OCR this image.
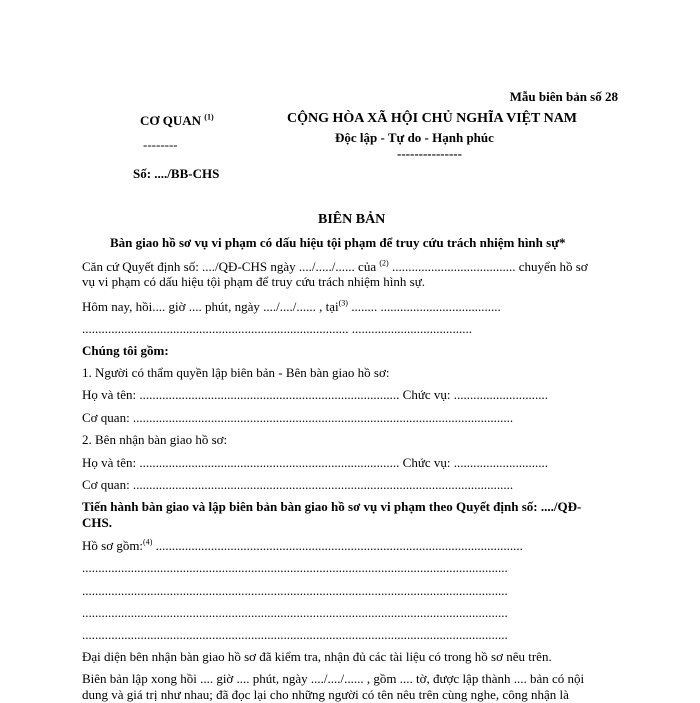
Mẫu biên bản số 28
CƠ QUAN $^{(1)}$
--------
Số: ..../BB-CHS
CỘNG HÒA XÃ HỘI CHỦ NGHĨA VIỆT NAM
Độc lập - Tự do - Hạnh phúc
---------------
BIÊN BẢN
Bàn giao hồ sơ vụ vi phạm có dấu hiệu tội phạm để truy cứu trách nhiệm hình sự*
Căn cứ Quyết định số: ..../QĐ-CHS ngày ..../...../...... của $^{(2)}$ ...................................... chuyển hồ sơ
vụ vi phạm có dấu hiệu tội phạm để truy cứu trách nhiệm hình sự.
Hôm nay, hồi.... giờ .... phút, ngày ..../..../...... , tại$^{(3)}$ ........ .....................................
.................................................................................. .....................................
Chúng tôi gồm:
1. Người có thẩm quyền lập biên bản - Bên bàn giao hồ sơ:
Họ và tên: ................................................................................ Chức vụ: .............................
Cơ quan: .....................................................................................................................
2. Bên nhận bàn giao hồ sơ:
Họ và tên: ................................................................................ Chức vụ: .............................
Cơ quan: .....................................................................................................................
Tiến hành bàn giao và lập biên bản bàn giao hồ sơ vụ vi phạm theo Quyết định số: ..../QĐ-
CHS.
Hồ sơ gồm:$^{(4)}$ .................................................................................................................
...................................................................................................................................
...................................................................................................................................
...................................................................................................................................
...................................................................................................................................
Đại diện bên nhận bàn giao hồ sơ đã kiểm tra, nhận đủ các tài liệu có trong hồ sơ nêu trên.
Biên bản lập xong hồi .... giờ .... phút, ngày ..../..../...... , gồm .... tờ, được lập thành .... bản có nội
dung và giá trị như nhau; đã đọc lại cho những người có tên nêu trên cùng nghe, công nhận là
